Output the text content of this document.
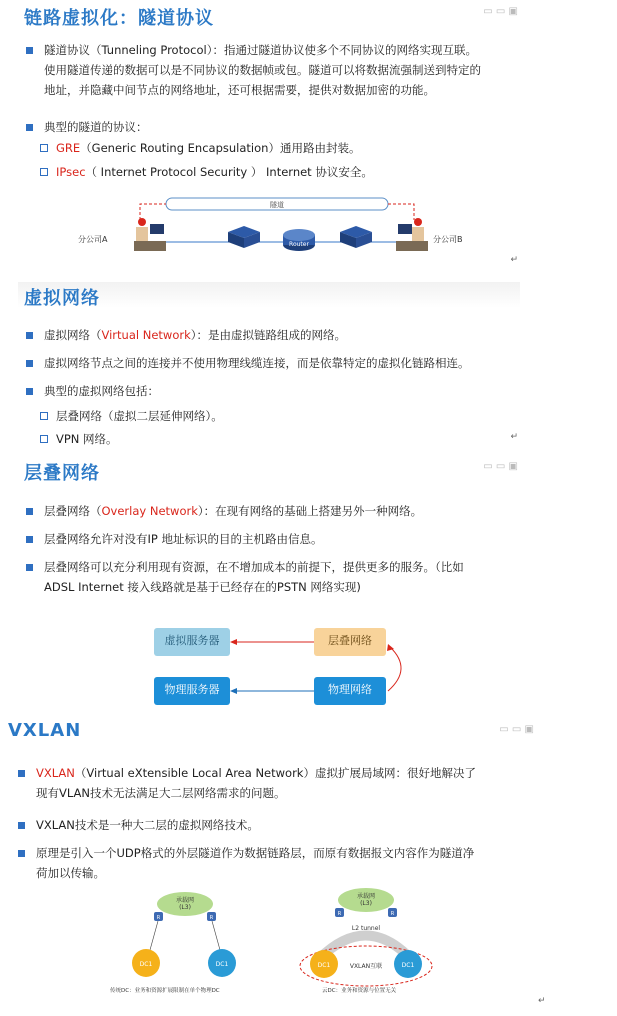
链路虚拟化：隧道协议	▭ ▭ ▣
隧道协议（Tunneling Protocol）：指通过隧道协议使多个不同协议的网络实现互联。
使用隧道传递的数据可以是不同协议的数据帧或包。隧道可以将数据流强制送到特定的
地址，并隐藏中间节点的网络地址，还可根据需要，提供对数据加密的功能。
典型的隧道的协议：
GRE（Generic Routing Encapsulation）通用路由封装。
IPsec（ Internet Protocol Security ） Internet 协议安全。
隧道
Router
分公司A	分公司B
↵
虚拟网络
虚拟网络（Virtual Network）：是由虚拟链路组成的网络。
虚拟网络节点之间的连接并不使用物理线缆连接，而是依靠特定的虚拟化链路相连。
典型的虚拟网络包括：
层叠网络（虚拟二层延伸网络）。
VPN 网络。	↵
层叠网络	▭ ▭ ▣
层叠网络（Overlay Network）：在现有网络的基础上搭建另外一种网络。
层叠网络允许对没有IP 地址标识的目的主机路由信息。
层叠网络可以充分利用现有资源，在不增加成本的前提下，提供更多的服务。（比如
ADSL Internet 接入线路就是基于已经存在的PSTN 网络实现)
虚拟服务器	层叠网络
物理服务器	物理网络
VXLAN	▭ ▭ ▣
VXLAN（Virtual eXtensible Local Area Network）虚拟扩展局域网：很好地解决了
现有VLAN技术无法满足大二层网络需求的问题。
VXLAN技术是一种大二层的虚拟网络技术。
原理是引入一个UDP格式的外层隧道作为数据链路层，而原有数据报文内容作为隧道净
荷加以传输。
承载网
(L3)
R	R
DC1	DC1
传统DC：业务和资源扩展限制在单个物理DC
承载网
(L3)
R	R
L2 tunnel
DC1	DC1
VXLAN互联
云DC：业务和资源与位置无关
↵
